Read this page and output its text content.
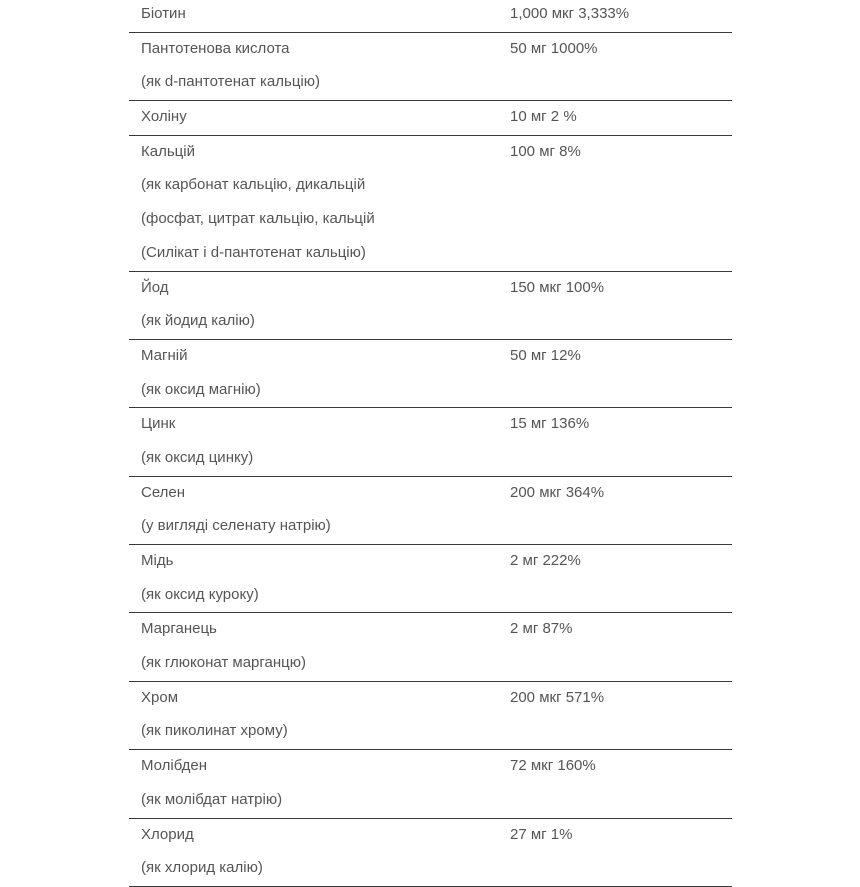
Біотин	1,000 мкг 3,333%
Пантотенова кислота	50 мг 1000%
(як d-пантотенат кальцію)
Холіну	10 мг 2 %
Кальцій	100 мг 8%
(як карбонат кальцію, дикальцій
(фосфат, цитрат кальцію, кальцій
(Силікат і d-пантотенат кальцію)
Йод	150 мкг 100%
(як йодид калію)
Магній	50 мг 12%
(як оксид магнію)
Цинк	15 мг 136%
(як оксид цинку)
Селен	200 мкг 364%
(у вигляді селенату натрію)
Мідь	2 мг 222%
(як оксид куроку)
Марганець	2 мг 87%
(як глюконат марганцю)
Хром	200 мкг 571%
(як пиколинат хрому)
Молібден	72 мкг 160%
(як молібдат натрію)
Хлорид	27 мг 1%
(як хлорид калію)
